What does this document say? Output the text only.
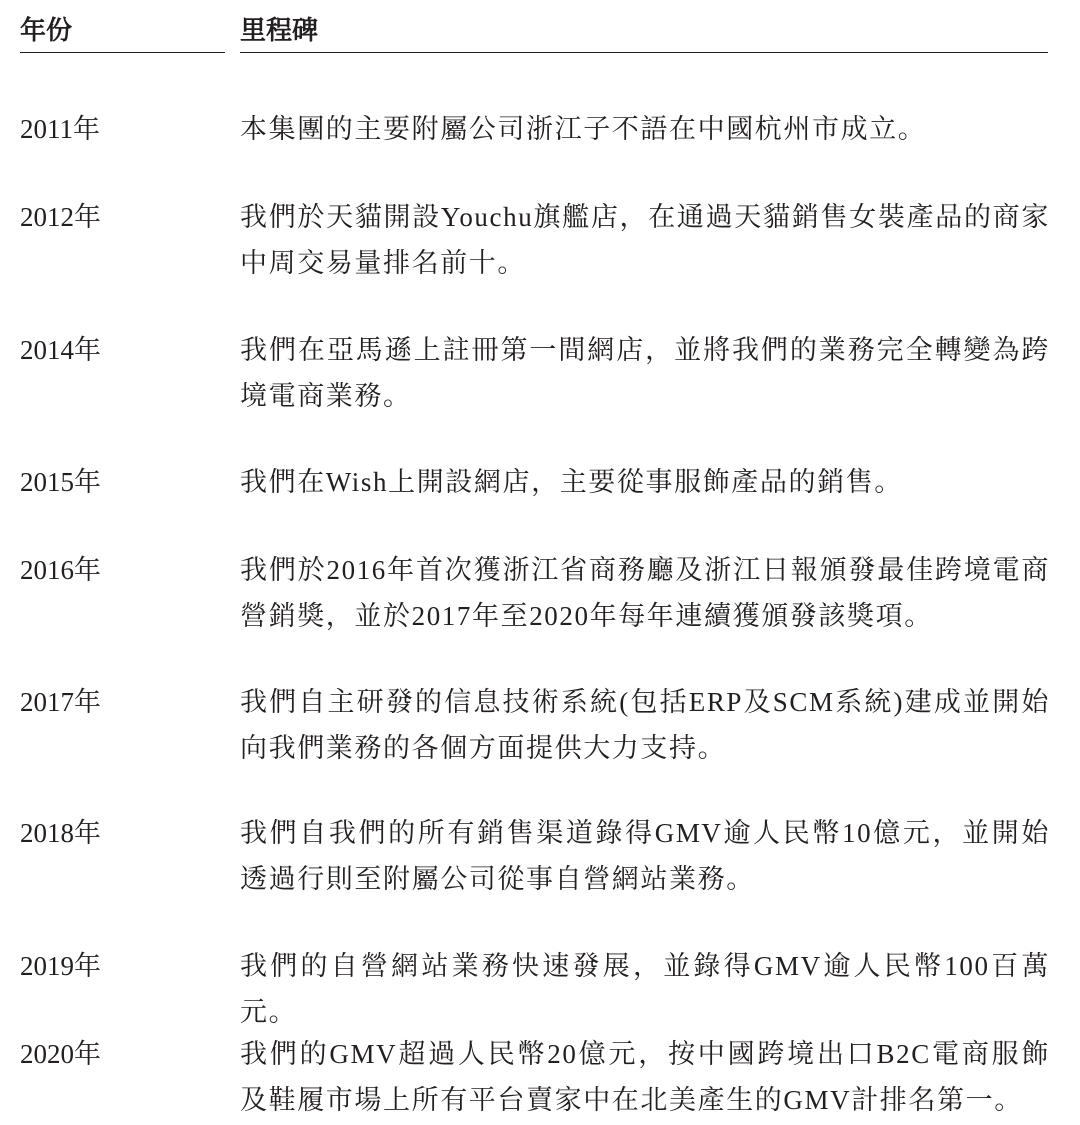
年份	里程碑
2011年	本集團的主要附屬公司浙江子不語在中國杭州市成立。
2012年	我們於天貓開設Youchu旗艦店，在通過天貓銷售女裝產品的商家中周交易量排名前十。
2014年	我們在亞馬遜上註冊第一間網店，並將我們的業務完全轉變為跨境電商業務。
2015年	我們在Wish上開設網店，主要從事服飾產品的銷售。
2016年	我們於2016年首次獲浙江省商務廳及浙江日報頒發最佳跨境電商營銷獎，並於2017年至2020年每年連續獲頒發該獎項。
2017年	我們自主研發的信息技術系統(包括ERP及SCM系統)建成並開始向我們業務的各個方面提供大力支持。
2018年	我們自我們的所有銷售渠道錄得GMV逾人民幣10億元，並開始透過行則至附屬公司從事自營網站業務。
2019年	我們的自營網站業務快速發展，並錄得GMV逾人民幣100百萬元。
2020年	我們的GMV超過人民幣20億元，按中國跨境出口B2C電商服飾及鞋履市場上所有平台賣家中在北美產生的GMV計排名第一。
